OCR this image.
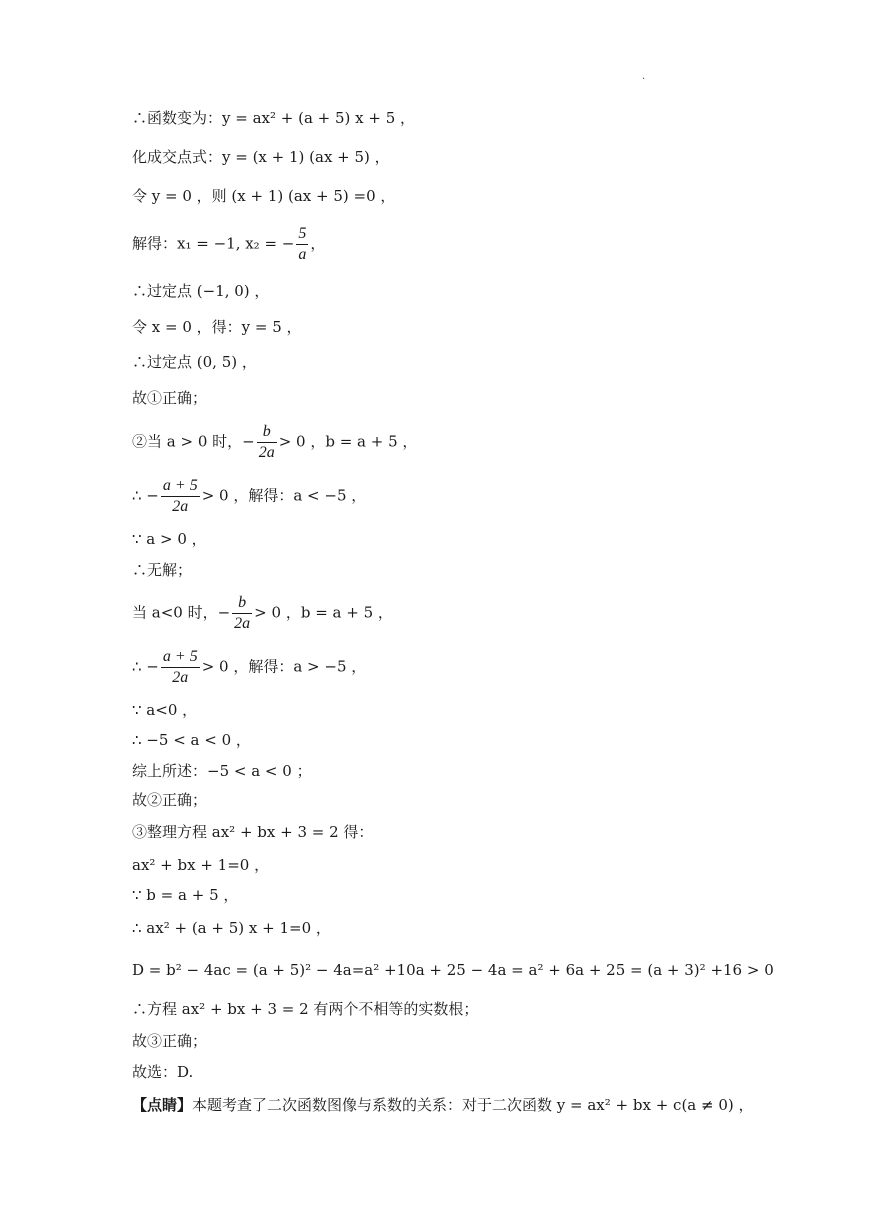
·
∴函数变为：y = ax² + (a + 5) x + 5 ，
化成交点式：y = (x + 1) (ax + 5) ，
令 y = 0 ，则 (x + 1) (ax + 5) =0 ，
解得：x₁ = −1, x₂ = − $\frac{5}{a}$ ，
∴过定点 (−1, 0) ，
令 x = 0 ，得：y = 5 ，
∴过定点 (0, 5) ，
故①正确；
②当 a > 0 时，− $\frac{b}{2a} > 0$ ，b = a + 5 ，
∴ − $\frac{a + 5}{2a} > 0$ ，解得：a < −5 ，
∵ a > 0 ，
∴无解；
当 a<0 时，− $\frac{b}{2a} > 0$ ，b = a + 5 ，
∴ − $\frac{a + 5}{2a} > 0$ ，解得：a > −5 ，
∵ a<0 ，
∴ −5 < a < 0 ，
综上所述：−5 < a < 0 ；
故②正确；
③整理方程 ax² + bx + 3 = 2 得：
ax² + bx + 1=0 ，
∵ b = a + 5 ，
∴ ax² + (a + 5) x + 1=0 ，
D = b² − 4ac = (a + 5)² − 4a=a² +10a + 25 − 4a = a² + 6a + 25 = (a + 3)² +16 > 0
∴方程 ax² + bx + 3 = 2 有两个不相等的实数根；
故③正确；
故选：D.
【点睛】本题考查了二次函数图像与系数的关系：对于二次函数 y = ax² + bx + c(a ≠ 0) ，
